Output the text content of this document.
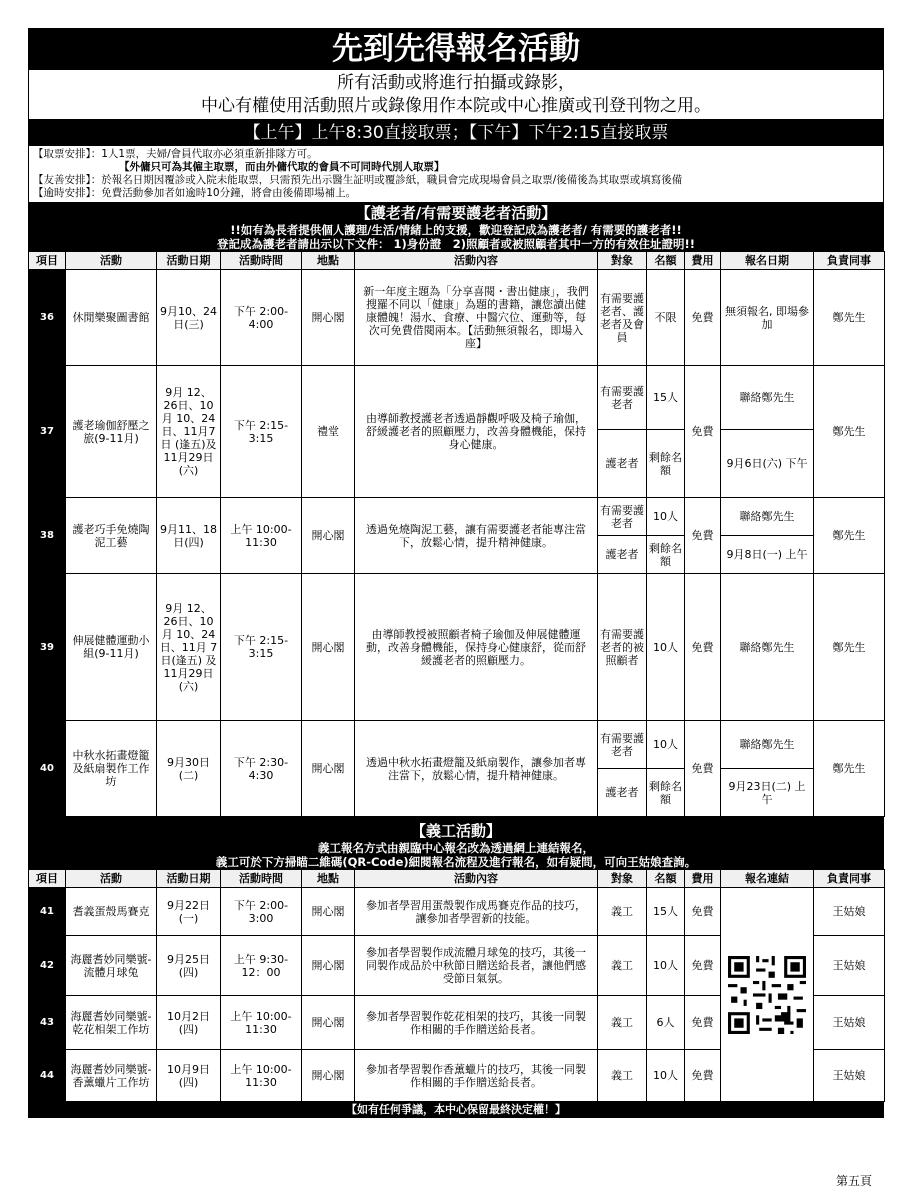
先到先得報名活動
所有活動或將進行拍攝或錄影，
中心有權使用活動照片或錄像用作本院或中心推廣或刊登刊物之用。
【上午】上午8:30直接取票；【下午】下午2:15直接取票
【取票安排】：1人1票，夫婦/會員代取亦必須重新排隊方可。
【外傭只可為其僱主取票，而由外傭代取的會員不可同時代別人取票】
【友善安排】：於報名日期因覆診或入院未能取票，只需預先出示醫生証明或覆診紙，職員會完成現場會員之取票/後備後為其取票或填寫後備
【逾時安排】：免費活動參加者如逾時10分鐘，將會由後備即場補上。
【護老者/有需要護老者活動】
!!如有為長者提供個人護理/生活/情緒上的支援，歡迎登記成為護老者/ 有需要的護老者!!
登記成為護老者請出示以下文件： 1)身份證　2)照顧者或被照顧者其中一方的有效住址證明!!
項目	活動	活動日期	活動時間	地點	活動內容	對象	名額	費用	報名日期	負責同事
36	休閒樂聚圖書館	9月10、24日(三)	下午 2:00-4:00	開心閣	新一年度主題為「分享喜閱・書出健康」，我們搜羅不同以「健康」為題的書籍，讓您讀出健康體魄！湯水、食療、中醫穴位、運動等，每次可免費借閱兩本。【活動無須報名，即場入座】	有需要護老者、護老者及會員	不限	免費	無須報名, 即場參加	鄭先生
37	護老瑜伽舒壓之旅(9-11月)	9月 12、26日、10月 10、24日、11月7日 (逢五)及 11月29日 (六)	下午 2:15-3:15	禮堂	由導師教授護老者透過靜觀呼吸及椅子瑜伽，舒緩護老者的照顧壓力，改善身體機能，保持身心健康。	有需要護老者	15人	免費	聯絡鄭先生	鄭先生
						護老者	剩餘名額		9月6日(六) 下午	
38	護老巧手免燒陶泥工藝	9月11、18日(四)	上午 10:00-11:30	開心閣	透過免燒陶泥工藝，讓有需要護老者能專注當下，放鬆心情，提升精神健康。	有需要護老者	10人	免費	聯絡鄭先生	鄭先生
						護老者	剩餘名額		9月8日(一) 上午	
39	伸展健體運動小組(9-11月)	9月 12、26日、10月 10、24日、11月 7日(逢五) 及 11月29日 (六)	下午 2:15-3:15	開心閣	由導師教授被照顧者椅子瑜伽及伸展健體運動，改善身體機能，保持身心健康舒，從而舒緩護老者的照顧壓力。	有需要護老者的被照顧者	10人	免費	聯絡鄭先生	鄭先生
40	中秋水拓畫燈籠及紙扇製作工作坊	9月30日 (二)	下午 2:30-4:30	開心閣	透過中秋水拓畫燈籠及紙扇製作，讓參加者專注當下，放鬆心情，提升精神健康。	有需要護老者	10人	免費	聯絡鄭先生	鄭先生
						護老者	剩餘名額		9月23日(二) 上午	
【義工活動】
義工報名方式由親臨中心報名改為透過網上連結報名，
義工可於下方掃瞄二維碼(QR-Code)細閱報名流程及進行報名，如有疑問，可向王姑娘查詢。
項目	活動	活動日期	活動時間	地點	活動內容	對象	名額	費用	報名連結	負責同事
41	耆義蛋殼馬賽克	9月22日 (一)	下午 2:00-3:00	開心閣	參加者學習用蛋殼製作成馬賽克作品的技巧，讓參加者學習新的技能。	義工	15人	免費		王姑娘
42	海麗耆妙同樂號-流體月球兔	9月25日 (四)	上午 9:30-12：00	開心閣	參加者學習製作成流體月球兔的技巧，其後一同製作成品於中秋節日贈送給長者，讓他們感受節日氣氛。	義工	10人	免費		王姑娘
43	海麗耆妙同樂號-乾花相架工作坊	10月2日 (四)	上午 10:00-11:30	開心閣	參加者學習製作乾花相架的技巧，其後一同製作相關的手作贈送給長者。	義工	6人	免費		王姑娘
44	海麗耆妙同樂號-香薰蠟片工作坊	10月9日 (四)	上午 10:00-11:30	開心閣	參加者學習製作香薰蠟片的技巧，其後一同製作相關的手作贈送給長者。	義工	10人	免費		王姑娘
【如有任何爭議，本中心保留最終決定權！】
第五頁
